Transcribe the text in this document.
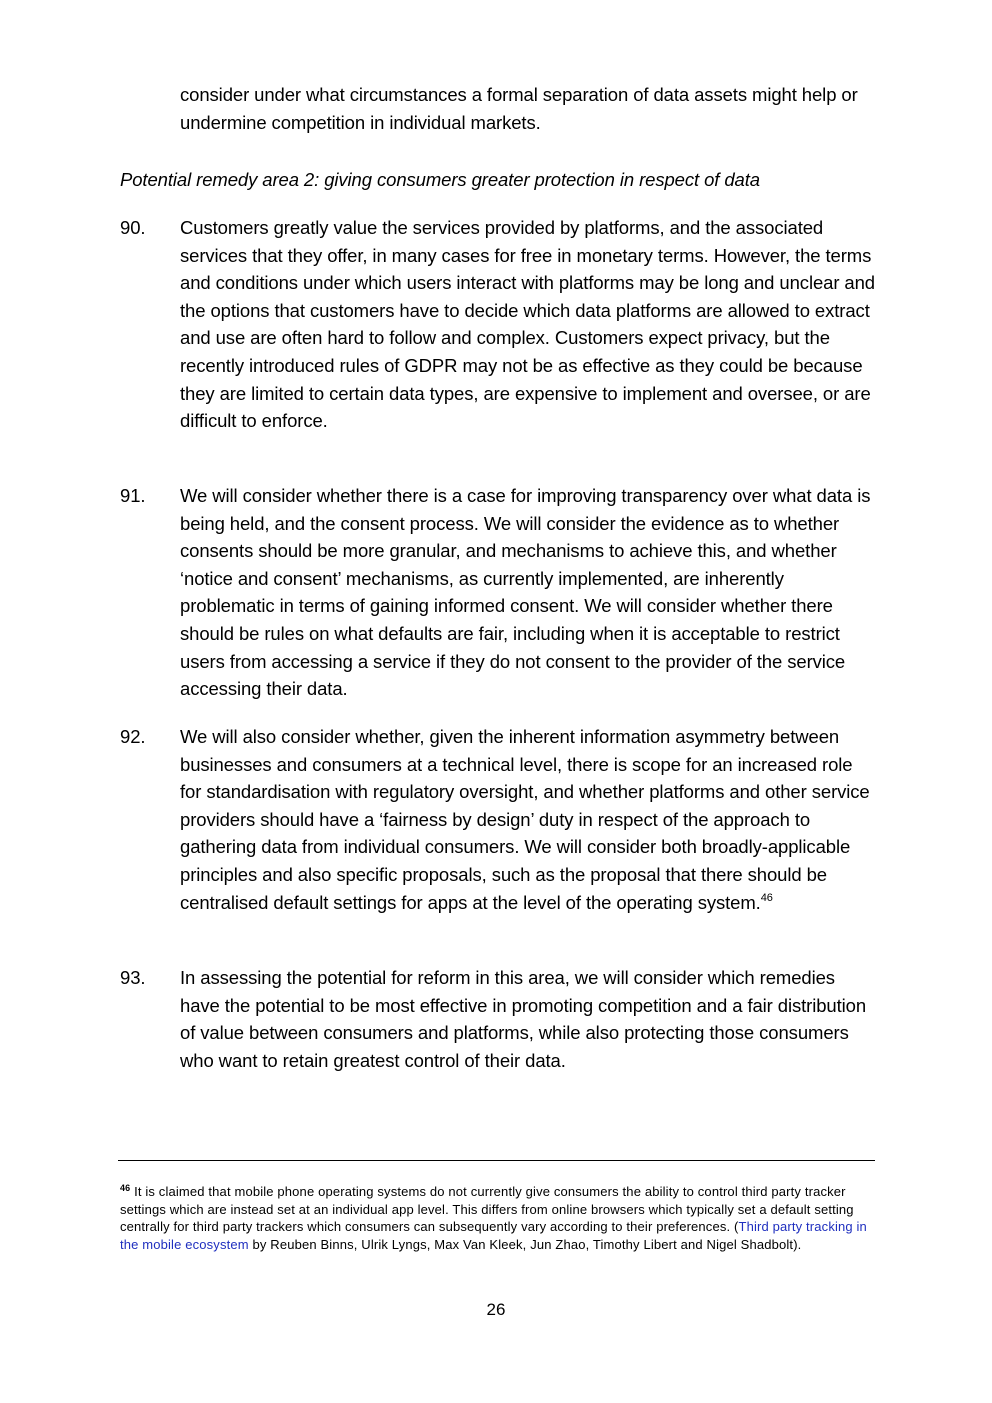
consider under what circumstances a formal separation of data assets might help or undermine competition in individual markets.
Potential remedy area 2: giving consumers greater protection in respect of data
90.	Customers greatly value the services provided by platforms, and the associated services that they offer, in many cases for free in monetary terms. However, the terms and conditions under which users interact with platforms may be long and unclear and the options that customers have to decide which data platforms are allowed to extract and use are often hard to follow and complex. Customers expect privacy, but the recently introduced rules of GDPR may not be as effective as they could be because they are limited to certain data types, are expensive to implement and oversee, or are difficult to enforce.
91.	We will consider whether there is a case for improving transparency over what data is being held, and the consent process. We will consider the evidence as to whether consents should be more granular, and mechanisms to achieve this, and whether ‘notice and consent’ mechanisms, as currently implemented, are inherently problematic in terms of gaining informed consent. We will consider whether there should be rules on what defaults are fair, including when it is acceptable to restrict users from accessing a service if they do not consent to the provider of the service accessing their data.
92.	We will also consider whether, given the inherent information asymmetry between businesses and consumers at a technical level, there is scope for an increased role for standardisation with regulatory oversight, and whether platforms and other service providers should have a ‘fairness by design’ duty in respect of the approach to gathering data from individual consumers. We will consider both broadly-applicable principles and also specific proposals, such as the proposal that there should be centralised default settings for apps at the level of the operating system.$^{46}$
93.	In assessing the potential for reform in this area, we will consider which remedies have the potential to be most effective in promoting competition and a fair distribution of value between consumers and platforms, while also protecting those consumers who want to retain greatest control of their data.
$^{46}$ It is claimed that mobile phone operating systems do not currently give consumers the ability to control third party tracker settings which are instead set at an individual app level. This differs from online browsers which typically set a default setting centrally for third party trackers which consumers can subsequently vary according to their preferences. (Third party tracking in the mobile ecosystem by Reuben Binns, Ulrik Lyngs, Max Van Kleek, Jun Zhao, Timothy Libert and Nigel Shadbolt).
26
